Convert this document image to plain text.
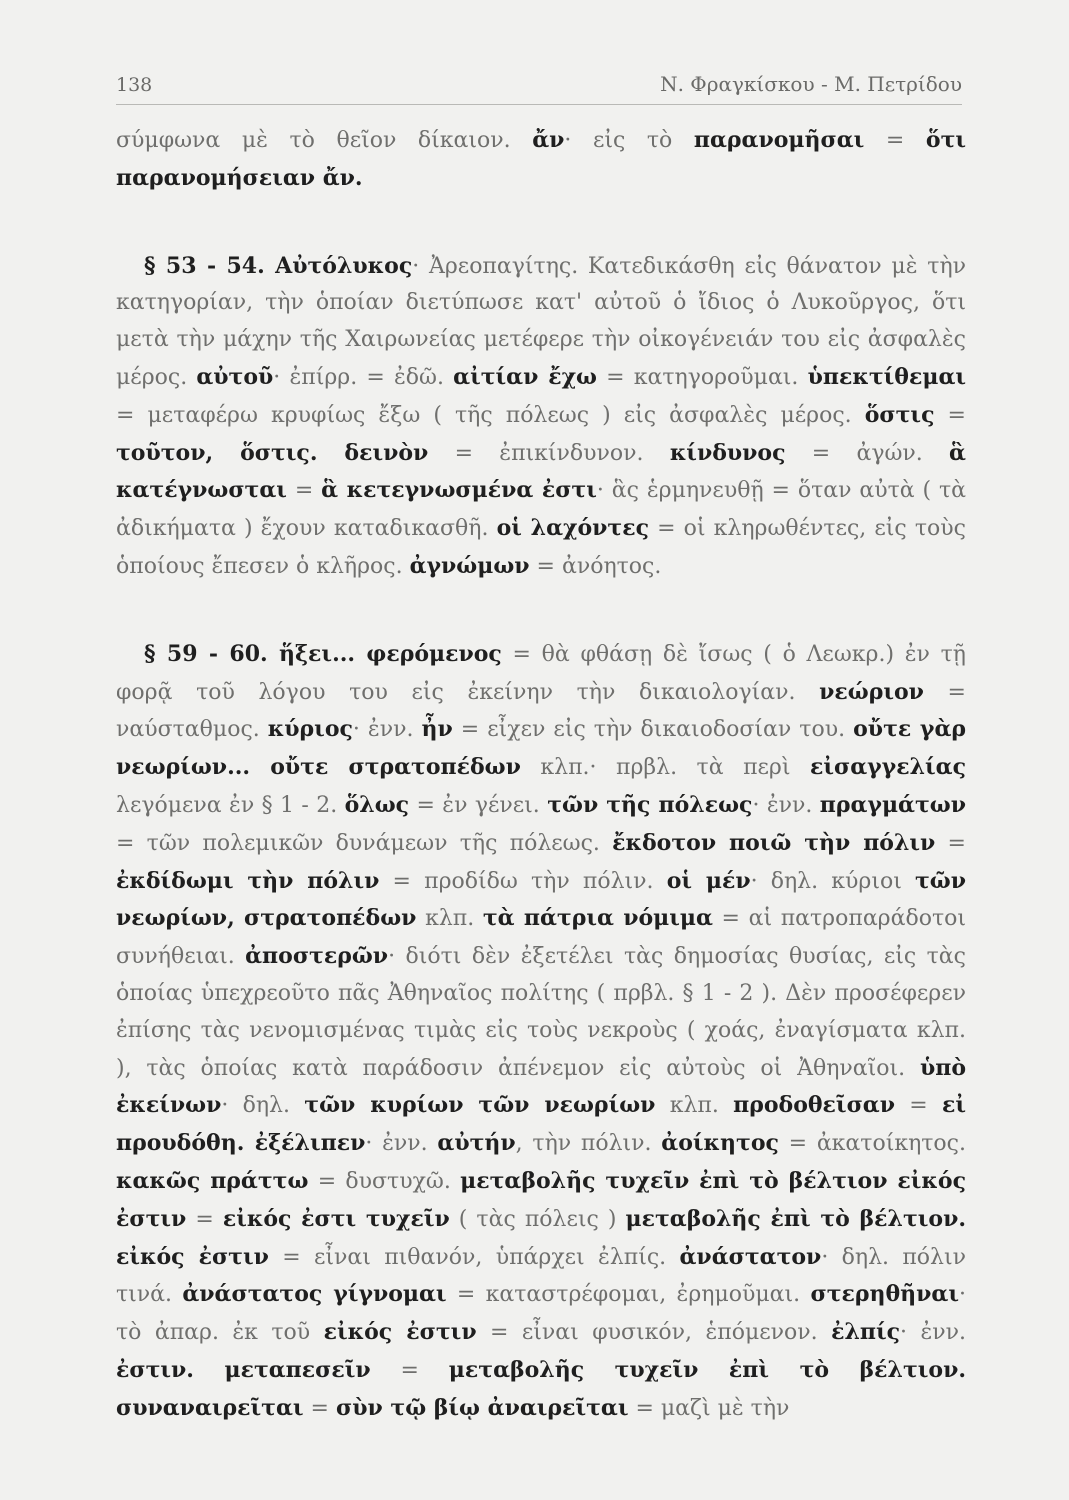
138	Ν. Φραγκίσκου - Μ. Πετρίδου

σύμφωνα μὲ τὸ θεῖον δίκαιον. ἄν· εἰς τὸ παρανομῆσαι = ὅτι παρανομήσειαν ἄν.

§ 53 - 54. Αὐτόλυκος· Ἀρεοπαγίτης. Κατεδικάσθη εἰς θάνατον μὲ τὴν κατηγορίαν, τὴν ὁποίαν διετύπωσε κατ' αὐτοῦ ὁ ἴδιος ὁ Λυκοῦργος, ὅτι μετὰ τὴν μάχην τῆς Χαιρωνείας μετέφερε τὴν οἰκογένειάν του εἰς ἀσφαλὲς μέρος. αὐτοῦ· ἐπίρρ. = ἐδῶ. αἰτίαν ἔχω = κατηγοροῦμαι. ὑπεκτίθεμαι = μεταφέρω κρυφίως ἔξω ( τῆς πόλεως ) εἰς ἀσφαλὲς μέρος. ὅστις = τοῦτον, ὅστις. δεινὸν = ἐπικίνδυνον. κίνδυνος = ἀγών. ἃ κατέγνωσται = ἃ κετεγνωσμένα ἐστι· ἃς ἑρμηνευθῇ = ὅταν αὐτὰ ( τὰ ἀδικήματα ) ἔχουν καταδικασθῆ. οἱ λαχόντες = οἱ κληρωθέντες, εἰς τοὺς ὁποίους ἔπεσεν ὁ κλῆρος. ἀγνώμων = ἀνόητος.

§ 59 - 60. ἥξει... φερόμενος = θὰ φθάσῃ δὲ ἴσως ( ὁ Λεωκρ.) ἐν τῇ φορᾷ τοῦ λόγου του εἰς ἐκείνην τὴν δικαιολογίαν. νεώριον = ναύσταθμος. κύριος· ἐνν. ἦν = εἶχεν εἰς τὴν δικαιοδοσίαν του. οὔτε γὰρ νεωρίων... οὔτε στρατοπέδων κλπ.· πρβλ. τὰ περὶ εἰσαγγελίας λεγόμενα ἐν § 1 - 2. ὅλως = ἐν γένει. τῶν τῆς πόλεως· ἐνν. πραγμάτων = τῶν πολεμικῶν δυνάμεων τῆς πόλεως. ἔκδοτον ποιῶ τὴν πόλιν = ἐκδίδωμι τὴν πόλιν = προδίδω τὴν πόλιν. οἱ μέν· δηλ. κύριοι τῶν νεωρίων, στρατοπέδων κλπ. τὰ πάτρια νόμιμα = αἱ πατροπαράδοτοι συνήθειαι. ἀποστερῶν· διότι δὲν ἐξετέλει τὰς δημοσίας θυσίας, εἰς τὰς ὁποίας ὑπεχρεοῦτο πᾶς Ἀθηναῖος πολίτης ( πρβλ. § 1 - 2 ). Δὲν προσέφερεν ἐπίσης τὰς νενομισμένας τιμὰς εἰς τοὺς νεκροὺς ( χοάς, ἐναγίσματα κλπ. ), τὰς ὁποίας κατὰ παράδοσιν ἀπένεμον εἰς αὐτοὺς οἱ Ἀθηναῖοι. ὑπὸ ἐκείνων· δηλ. τῶν κυρίων τῶν νεωρίων κλπ. προδοθεῖσαν = εἰ προυδόθη. ἐξέλιπεν· ἐνν. αὐτήν, τὴν πόλιν. ἀοίκητος = ἀκατοίκητος. κακῶς πράττω = δυστυχῶ. μεταβολῆς τυχεῖν ἐπὶ τὸ βέλτιον εἰκός ἐστιν = εἰκός ἐστι τυχεῖν ( τὰς πόλεις ) μεταβολῆς ἐπὶ τὸ βέλτιον. εἰκός ἐστιν = εἶναι πιθανόν, ὑπάρχει ἐλπίς. ἀνάστατον· δηλ. πόλιν τινά. ἀνάστατος γίγνομαι = καταστρέφομαι, ἐρημοῦμαι. στερηθῆναι· τὸ ἀπαρ. ἐκ τοῦ εἰκός ἐστιν = εἶναι φυσικόν, ἑπόμενον. ἐλπίς· ἐνν. ἐστιν. μεταπεσεῖν = μεταβολῆς τυχεῖν ἐπὶ τὸ βέλτιον. συναναιρεῖται = σὺν τῷ βίῳ ἀναιρεῖται = μαζὶ μὲ τὴν
